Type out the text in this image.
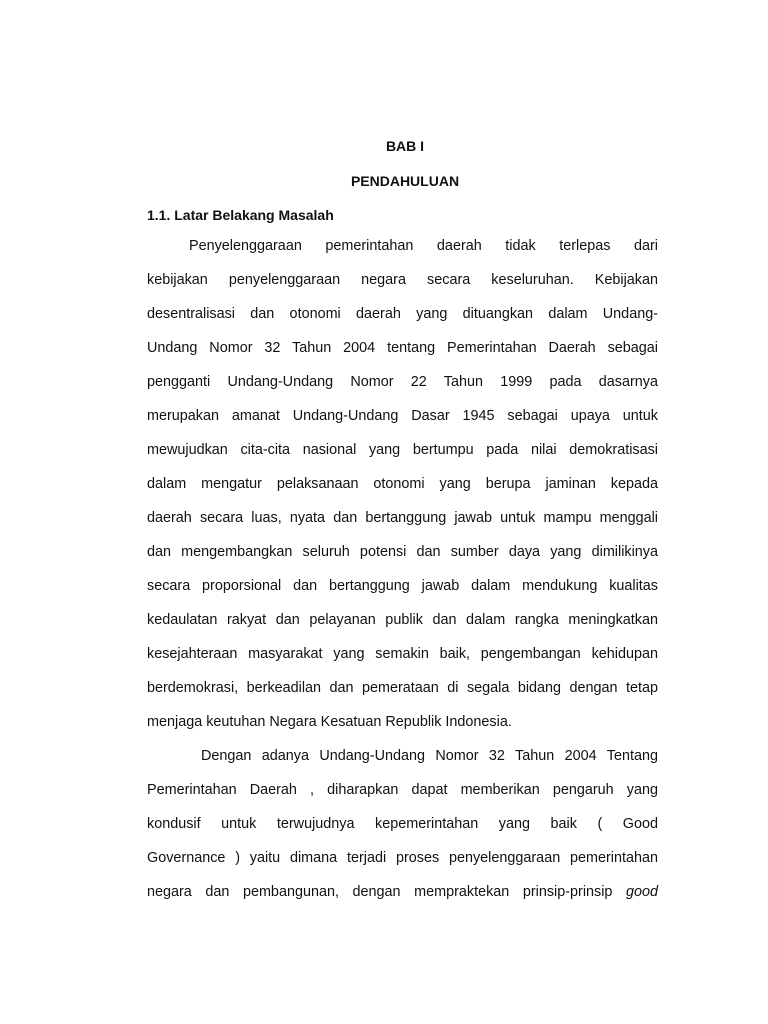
BAB I

PENDAHULUAN

1.1. Latar Belakang Masalah

Penyelenggaraan pemerintahan daerah tidak terlepas dari
kebijakan penyelenggaraan negara secara keseluruhan. Kebijakan
desentralisasi dan otonomi daerah yang dituangkan dalam Undang-
Undang Nomor 32 Tahun 2004 tentang Pemerintahan Daerah sebagai
pengganti Undang-Undang Nomor 22 Tahun 1999 pada dasarnya
merupakan amanat Undang-Undang Dasar 1945 sebagai upaya untuk
mewujudkan cita-cita nasional yang bertumpu pada nilai demokratisasi
dalam mengatur pelaksanaan otonomi yang berupa jaminan kepada
daerah secara luas, nyata dan bertanggung jawab untuk mampu menggali
dan mengembangkan seluruh potensi dan sumber daya yang dimilikinya
secara proporsional dan bertanggung jawab dalam mendukung kualitas
kedaulatan rakyat dan pelayanan publik dan dalam rangka meningkatkan
kesejahteraan masyarakat yang semakin baik, pengembangan kehidupan
berdemokrasi, berkeadilan dan pemerataan di segala bidang dengan tetap
menjaga keutuhan Negara Kesatuan Republik Indonesia.
Dengan adanya Undang-Undang Nomor 32 Tahun 2004 Tentang
Pemerintahan Daerah , diharapkan dapat memberikan pengaruh yang
kondusif untuk terwujudnya kepemerintahan yang baik ( Good
Governance ) yaitu dimana terjadi proses penyelenggaraan pemerintahan
negara dan pembangunan, dengan mempraktekan prinsip-prinsip good
